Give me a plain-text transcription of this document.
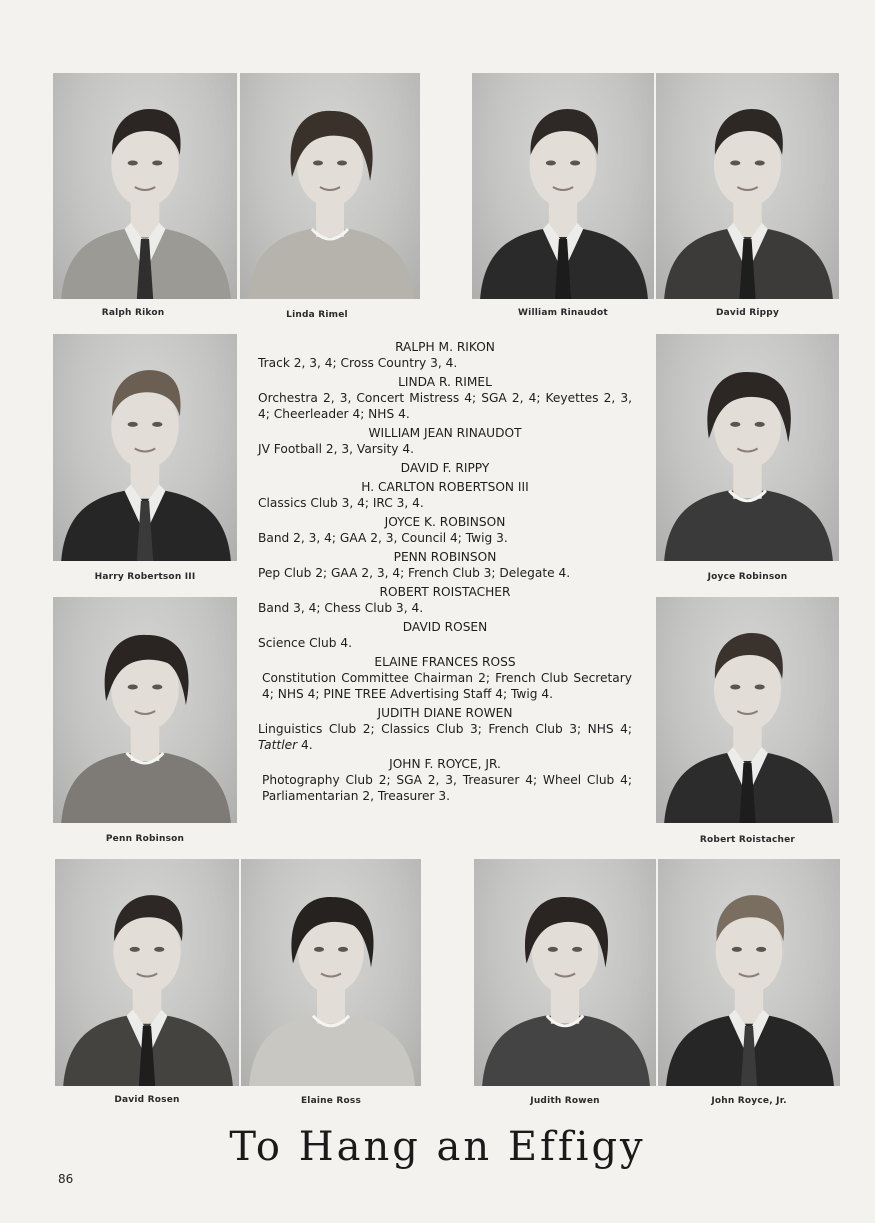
Ralph Rikon	Linda Rimel	William Rinaudot	David Rippy
Harry Robertson III	Joyce Robinson
Penn Robinson	Robert Roistacher
David Rosen	Elaine Ross	Judith Rowen	John Royce, Jr.
RALPH M. RIKON
Track 2, 3, 4; Cross Country 3, 4.
LINDA R. RIMEL
Orchestra 2, 3, Concert Mistress 4; SGA 2, 4; Keyettes 2, 3, 4; Cheerleader 4; NHS 4.
WILLIAM JEAN RINAUDOT
JV Football 2, 3, Varsity 4.
DAVID F. RIPPY
H. CARLTON ROBERTSON III
Classics Club 3, 4; IRC 3, 4.
JOYCE K. ROBINSON
Band 2, 3, 4; GAA 2, 3, Council 4; Twig 3.
PENN ROBINSON
Pep Club 2; GAA 2, 3, 4; French Club 3; Delegate 4.
ROBERT ROISTACHER
Band 3, 4; Chess Club 3, 4.
DAVID ROSEN
Science Club 4.
ELAINE FRANCES ROSS
Constitution Committee Chairman 2; French Club Secretary 4; NHS 4; PINE TREE Advertising Staff 4; Twig 4.
JUDITH DIANE ROWEN
Linguistics Club 2; Classics Club 3; French Club 3; NHS 4; Tattler 4.
JOHN F. ROYCE, JR.
Photography Club 2; SGA 2, 3, Treasurer 4; Wheel Club 4; Parliamentarian 2, Treasurer 3.
To Hang an Effigy
86
